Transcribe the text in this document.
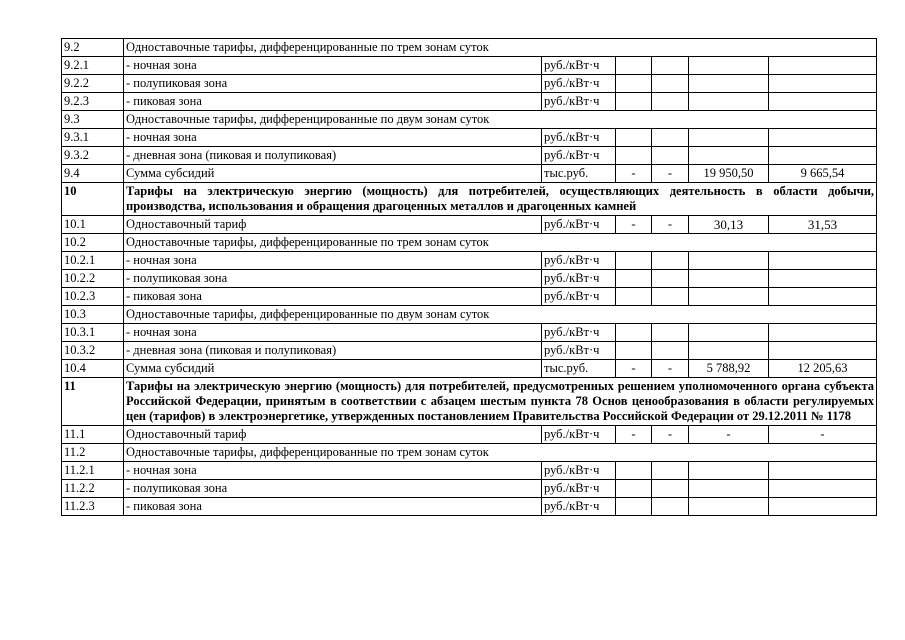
9.2	Одноставочные тарифы, дифференцированные по трем зонам суток					
9.2.1	- ночная зона	руб./кВт·ч				
9.2.2	- полупиковая зона	руб./кВт·ч				
9.2.3	- пиковая зона	руб./кВт·ч				
9.3	Одноставочные тарифы, дифференцированные по двум зонам суток					
9.3.1	- ночная зона	руб./кВт·ч				
9.3.2	- дневная зона (пиковая и полупиковая)	руб./кВт·ч				
9.4	Сумма субсидий	тыс.руб.	-	-	19 950,50	9 665,54
10	Тарифы на электрическую энергию (мощность) для потребителей, осуществляющих деятельность в области добычи, производства, использования и обращения драгоценных металлов и драгоценных камней					
10.1	Одноставочный тариф	руб./кВт·ч	-	-	30,13	31,53
10.2	Одноставочные тарифы, дифференцированные по трем зонам суток					
10.2.1	- ночная зона	руб./кВт·ч				
10.2.2	- полупиковая зона	руб./кВт·ч				
10.2.3	- пиковая зона	руб./кВт·ч				
10.3	Одноставочные тарифы, дифференцированные по двум зонам суток					
10.3.1	- ночная зона	руб./кВт·ч				
10.3.2	- дневная зона (пиковая и полупиковая)	руб./кВт·ч				
10.4	Сумма субсидий	тыс.руб.	-	-	5 788,92	12 205,63
11	Тарифы на электрическую энергию (мощность) для потребителей, предусмотренных решением уполномоченного органа субъекта Российской Федерации, принятым в соответствии с абзацем шестым пункта 78 Основ ценообразования в области регулируемых цен (тарифов) в электроэнергетике, утвержденных постановлением Правительства Российской Федерации от 29.12.2011 № 1178					
11.1	Одноставочный тариф	руб./кВт·ч	-	-	-	-
11.2	Одноставочные тарифы, дифференцированные по трем зонам суток					
11.2.1	- ночная зона	руб./кВт·ч				
11.2.2	- полупиковая зона	руб./кВт·ч				
11.2.3	- пиковая зона	руб./кВт·ч				
